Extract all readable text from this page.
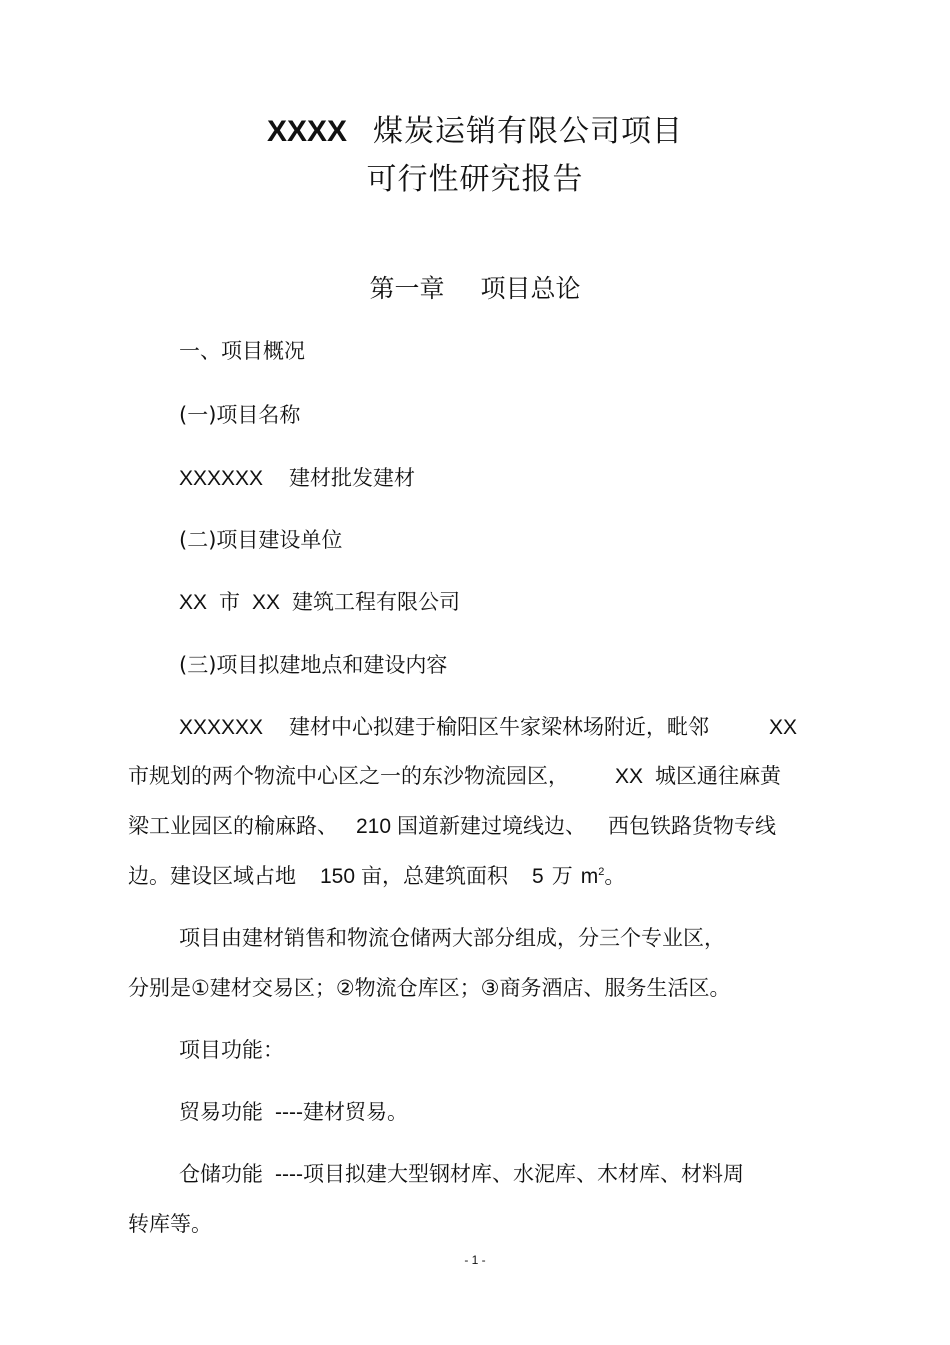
XXXX 煤炭运销有限公司项目
可行性研究报告
第一章 项目总论
一、项目概况
(一)项目名称
XXXXXX 建材批发建材
(二)项目建设单位
XX 市 XX 建筑工程有限公司
(三)项目拟建地点和建设内容
XXXXXX 建材中心拟建于榆阳区牛家梁林场附近，毗邻	XX
市规划的两个物流中心区之一的东沙物流园区， XX 城区通往麻黄
梁工业园区的榆麻路、 210 国道新建过境线边、 西包铁路货物专线
边。建设区域占地 150 亩，总建筑面积 5 万 $m^2$。
项目由建材销售和物流仓储两大部分组成，分三个专业区，
分别是①建材交易区；②物流仓库区；③商务酒店、服务生活区。
项目功能：
贸易功能 ----建材贸易。
仓储功能 ----项目拟建大型钢材库、水泥库、木材库、材料周
转库等。
- 1 -
